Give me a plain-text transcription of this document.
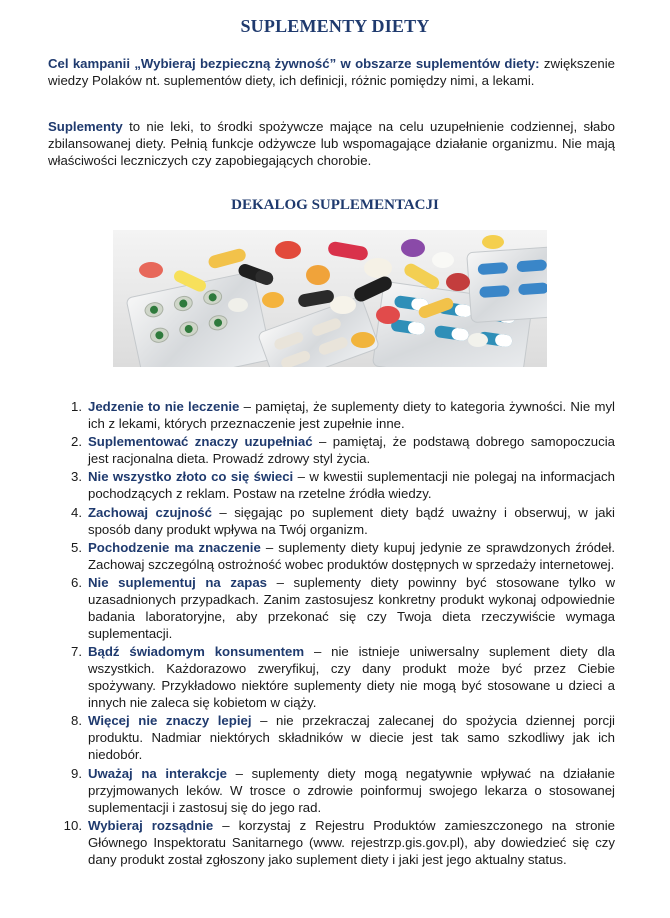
SUPLEMENTY DIETY

Cel kampanii „Wybieraj bezpieczną żywność” w obszarze suplementów diety: zwiększenie wiedzy Polaków nt. suplementów diety, ich definicji, różnic pomiędzy nimi, a lekami.

Suplementy to nie leki, to środki spożywcze mające na celu uzupełnienie codziennej, słabo zbilansowanej diety. Pełnią funkcje odżywcze lub wspomagające działanie organizmu. Nie mają właściwości leczniczych czy zapobiegających chorobie.

DEKALOG SUPLEMENTACJI
1. Jedzenie to nie leczenie – pamiętaj, że suplementy diety to kategoria żywności. Nie myl ich z lekami, których przeznaczenie jest zupełnie inne.
2. Suplementować znaczy uzupełniać – pamiętaj, że podstawą dobrego samopoczucia jest racjonalna dieta. Prowadź zdrowy styl życia.
3. Nie wszystko złoto co się świeci – w kwestii suplementacji nie polegaj na informacjach pochodzących z reklam. Postaw na rzetelne źródła wiedzy.
4. Zachowaj czujność – sięgając po suplement diety bądź uważny i obserwuj, w jaki sposób dany produkt wpływa na Twój organizm.
5. Pochodzenie ma znaczenie – suplementy diety kupuj jedynie ze sprawdzonych źródeł. Zachowaj szczególną ostrożność wobec produktów dostępnych w sprzedaży internetowej.
6. Nie suplementuj na zapas – suplementy diety powinny być stosowane tylko w uzasadnionych przypadkach. Zanim zastosujesz konkretny produkt wykonaj odpowiednie badania laboratoryjne, aby przekonać się czy Twoja dieta rzeczywiście wymaga suplementacji.
7. Bądź świadomym konsumentem – nie istnieje uniwersalny suplement diety dla wszystkich. Każdorazowo zweryfikuj, czy dany produkt może być przez Ciebie spożywany. Przykładowo niektóre suplementy diety nie mogą być stosowane u dzieci a innych nie zaleca się kobietom w ciąży.
8. Więcej nie znaczy lepiej – nie przekraczaj zalecanej do spożycia dziennej porcji produktu. Nadmiar niektórych składników w diecie jest tak samo szkodliwy jak ich niedobór.
9. Uważaj na interakcje – suplementy diety mogą negatywnie wpływać na działanie przyjmowanych leków. W trosce o zdrowie poinformuj swojego lekarza o stosowanej suplementacji i zastosuj się do jego rad.
10. Wybieraj rozsądnie – korzystaj z Rejestru Produktów zamieszczonego na stronie Głównego Inspektoratu Sanitarnego (www. rejestrzp.gis.gov.pl), aby dowiedzieć się czy dany produkt został zgłoszony jako suplement diety i jaki jest jego aktualny status.
